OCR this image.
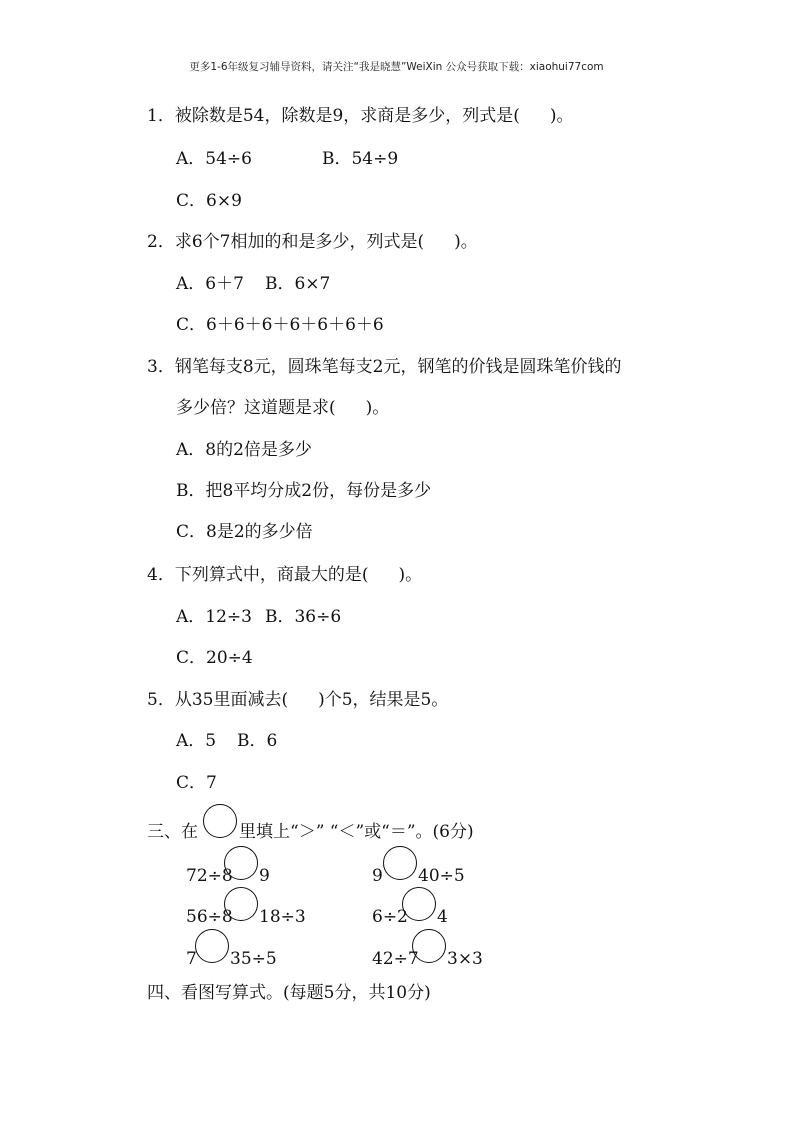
更多1-6年级复习辅导资料，请关注“我是晓慧”WeiXin 公众号获取下载：xiaohui77com
1．被除数是54，除数是9，求商是多少，列式是( )。
A．54÷6	B．54÷9
C．6×9
2．求6个7相加的和是多少，列式是( )。
A．6＋7 B．6×7
C．6＋6＋6＋6＋6＋6＋6
3．钢笔每支8元，圆珠笔每支2元，钢笔的价钱是圆珠笔价钱的
多少倍？这道题是求( )。
A．8的2倍是多少
B．把8平均分成2份，每份是多少
C．8是2的多少倍
4．下列算式中，商最大的是( )。
A．12÷3 B．36÷6
C．20÷4
5．从35里面减去( )个5，结果是5。
A．5 B．6
C．7
三、在 里填上“＞” “＜”或“＝”。(6分)
72÷8 9	9 40÷5
56÷8 18÷3	6÷2 4
7 35÷5	42÷7 3×3
四、看图写算式。(每题5分，共10分)
